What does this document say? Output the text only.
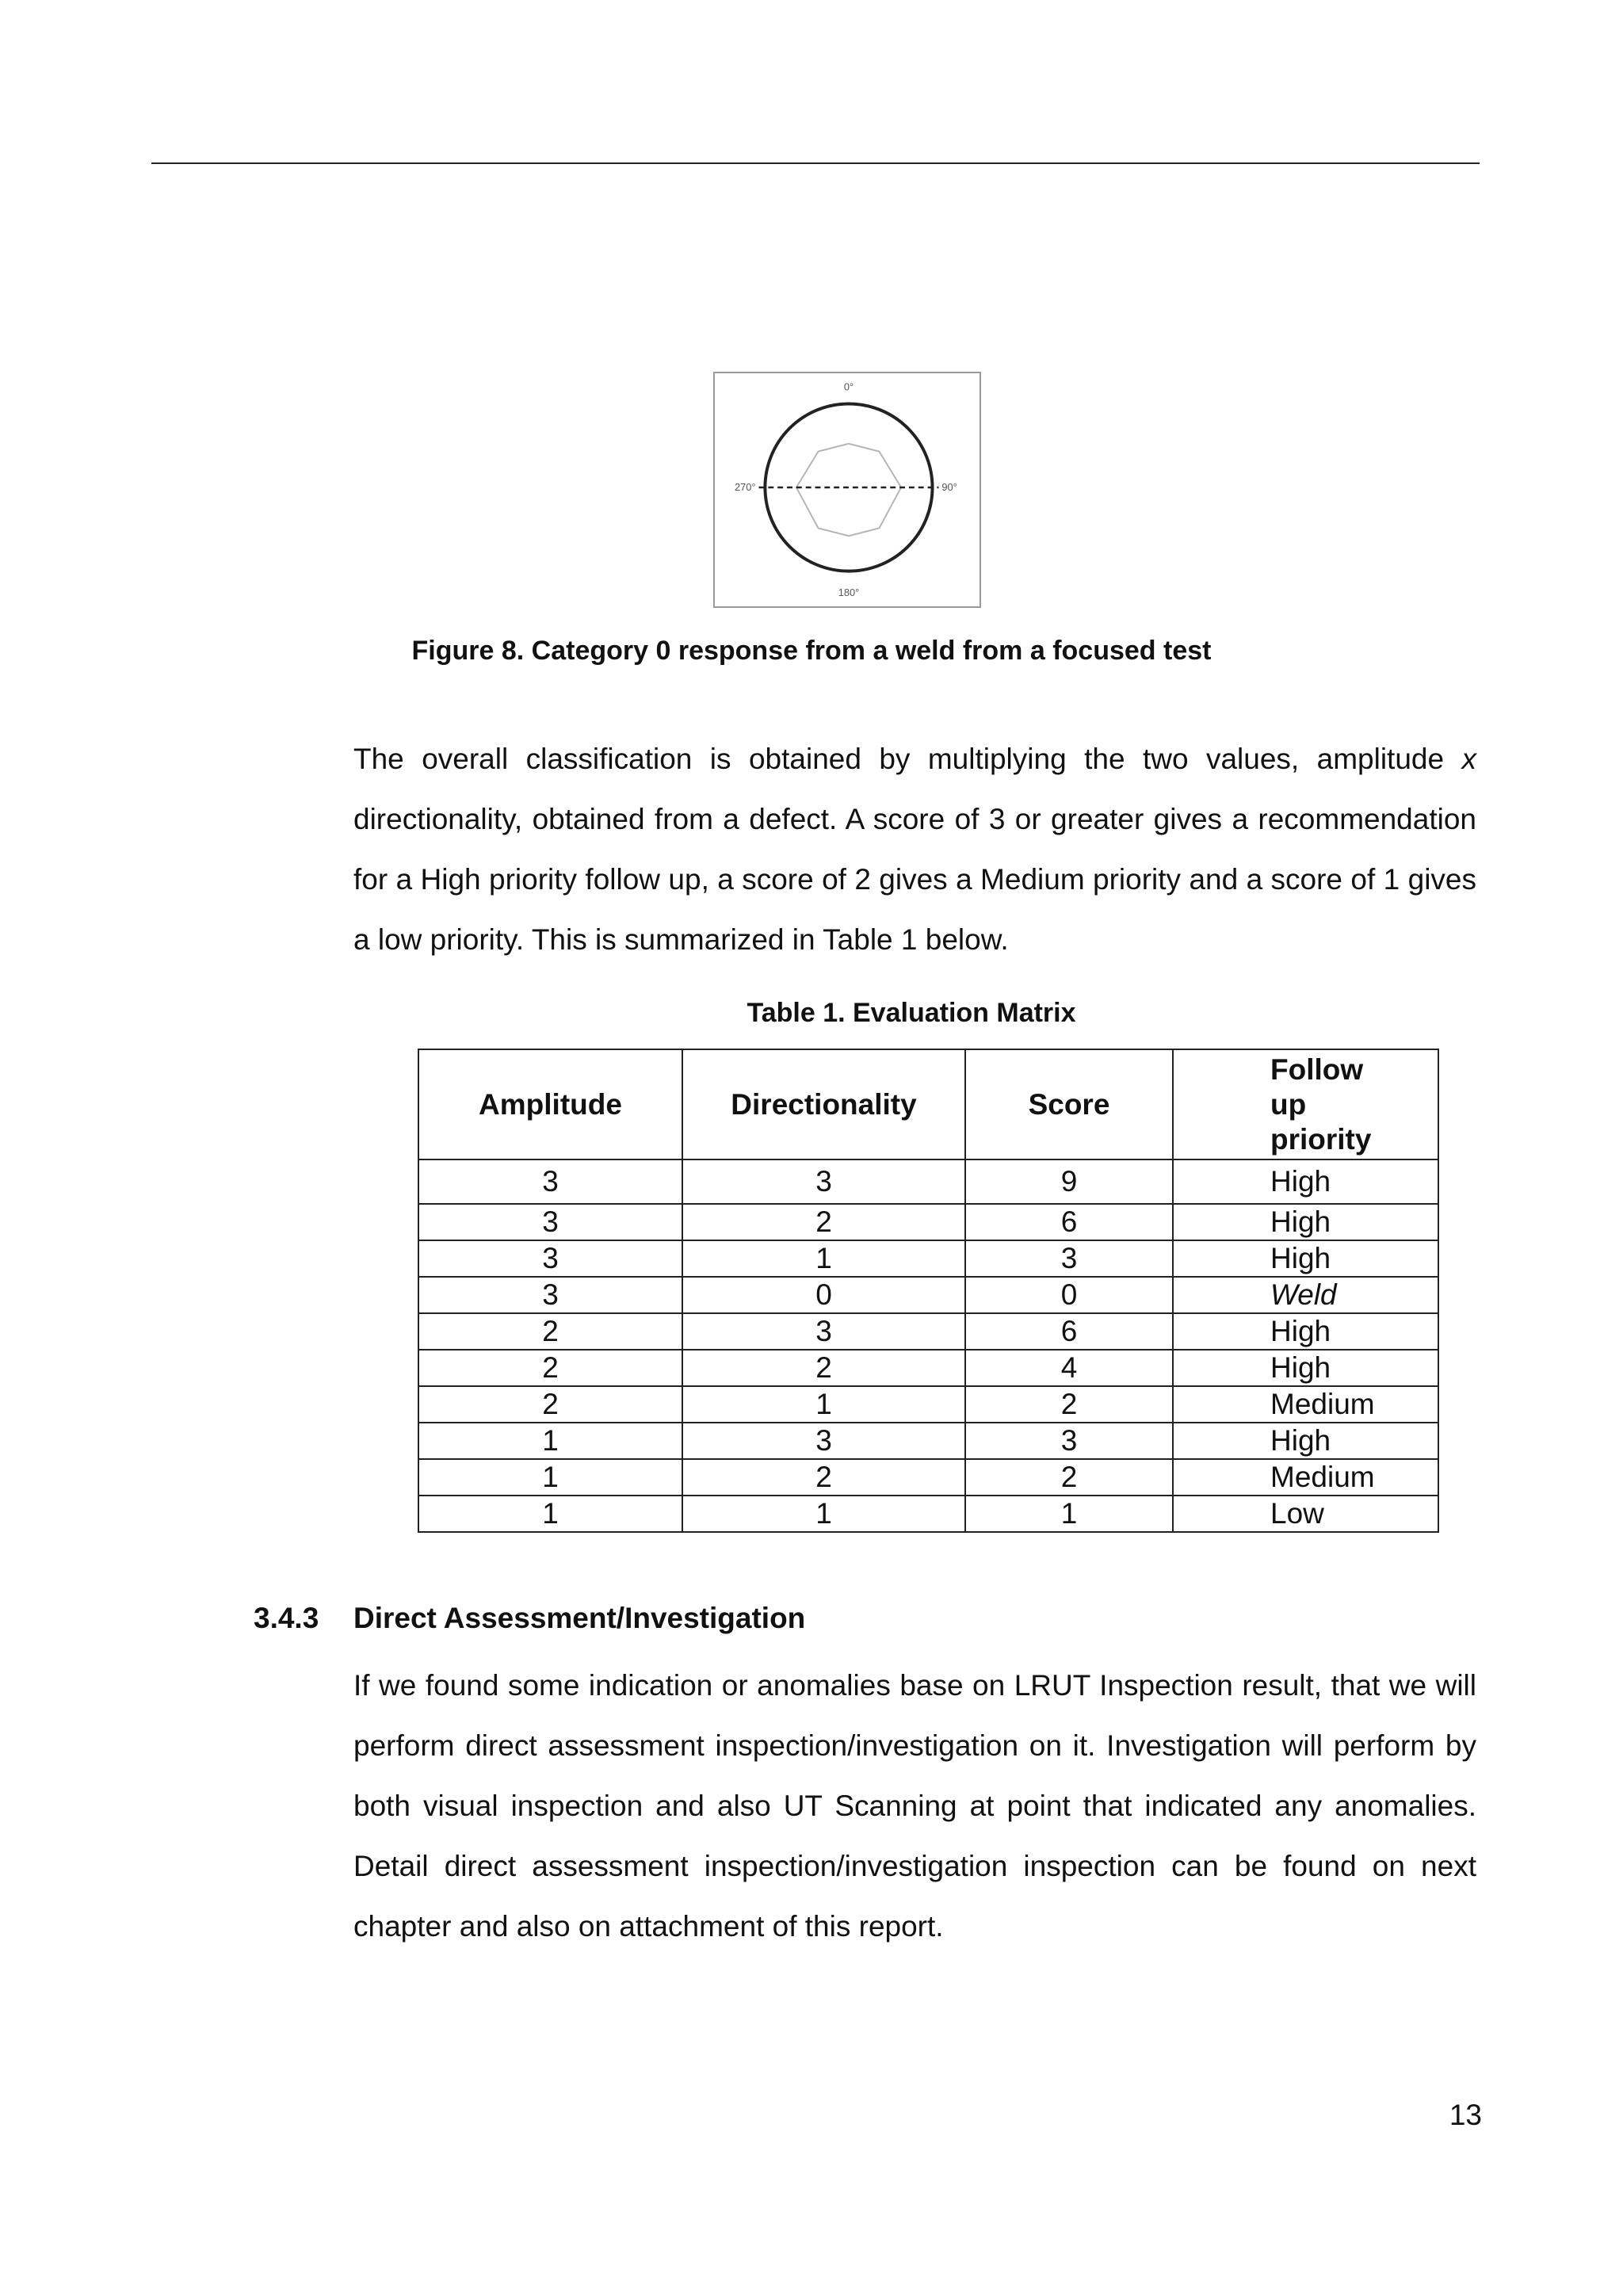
0°
90°
180°
270°
Figure 8. Category 0 response from a weld from a focused test

The overall classification is obtained by multiplying the two values, amplitude x directionality, obtained from a defect. A score of 3 or greater gives a recommendation for a High priority follow up, a score of 2 gives a Medium priority and a score of 1 gives a low priority. This is summarized in Table 1 below.

Table 1. Evaluation Matrix
Amplitude	Directionality	Score	Follow
up
priority
3	3	9	High
3	2	6	High
3	1	3	High
3	0	0	Weld
2	3	6	High
2	2	4	High
2	1	2	Medium
1	3	3	High
1	2	2	Medium
1	1	1	Low
3.4.3 Direct Assessment/Investigation

If we found some indication or anomalies base on LRUT Inspection result, that we will perform direct assessment inspection/investigation on it. Investigation will perform by both visual inspection and also UT Scanning at point that indicated any anomalies. Detail direct assessment inspection/investigation inspection can be found on next chapter and also on attachment of this report.

13
